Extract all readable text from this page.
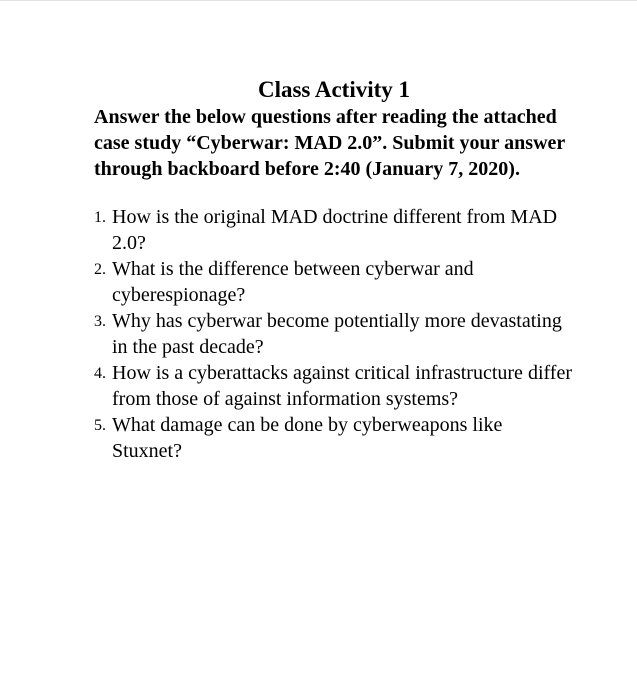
Class Activity 1

Answer the below questions after reading the attached case study “Cyberwar: MAD 2.0”. Submit your answer through backboard before 2:40 (January 7, 2020).

1. How is the original MAD doctrine different from MAD 2.0?
2. What is the difference between cyberwar and cyberespionage?
3. Why has cyberwar become potentially more devastating in the past decade?
4. How is a cyberattacks against critical infrastructure differ from those of against information systems?
5. What damage can be done by cyberweapons like Stuxnet?
